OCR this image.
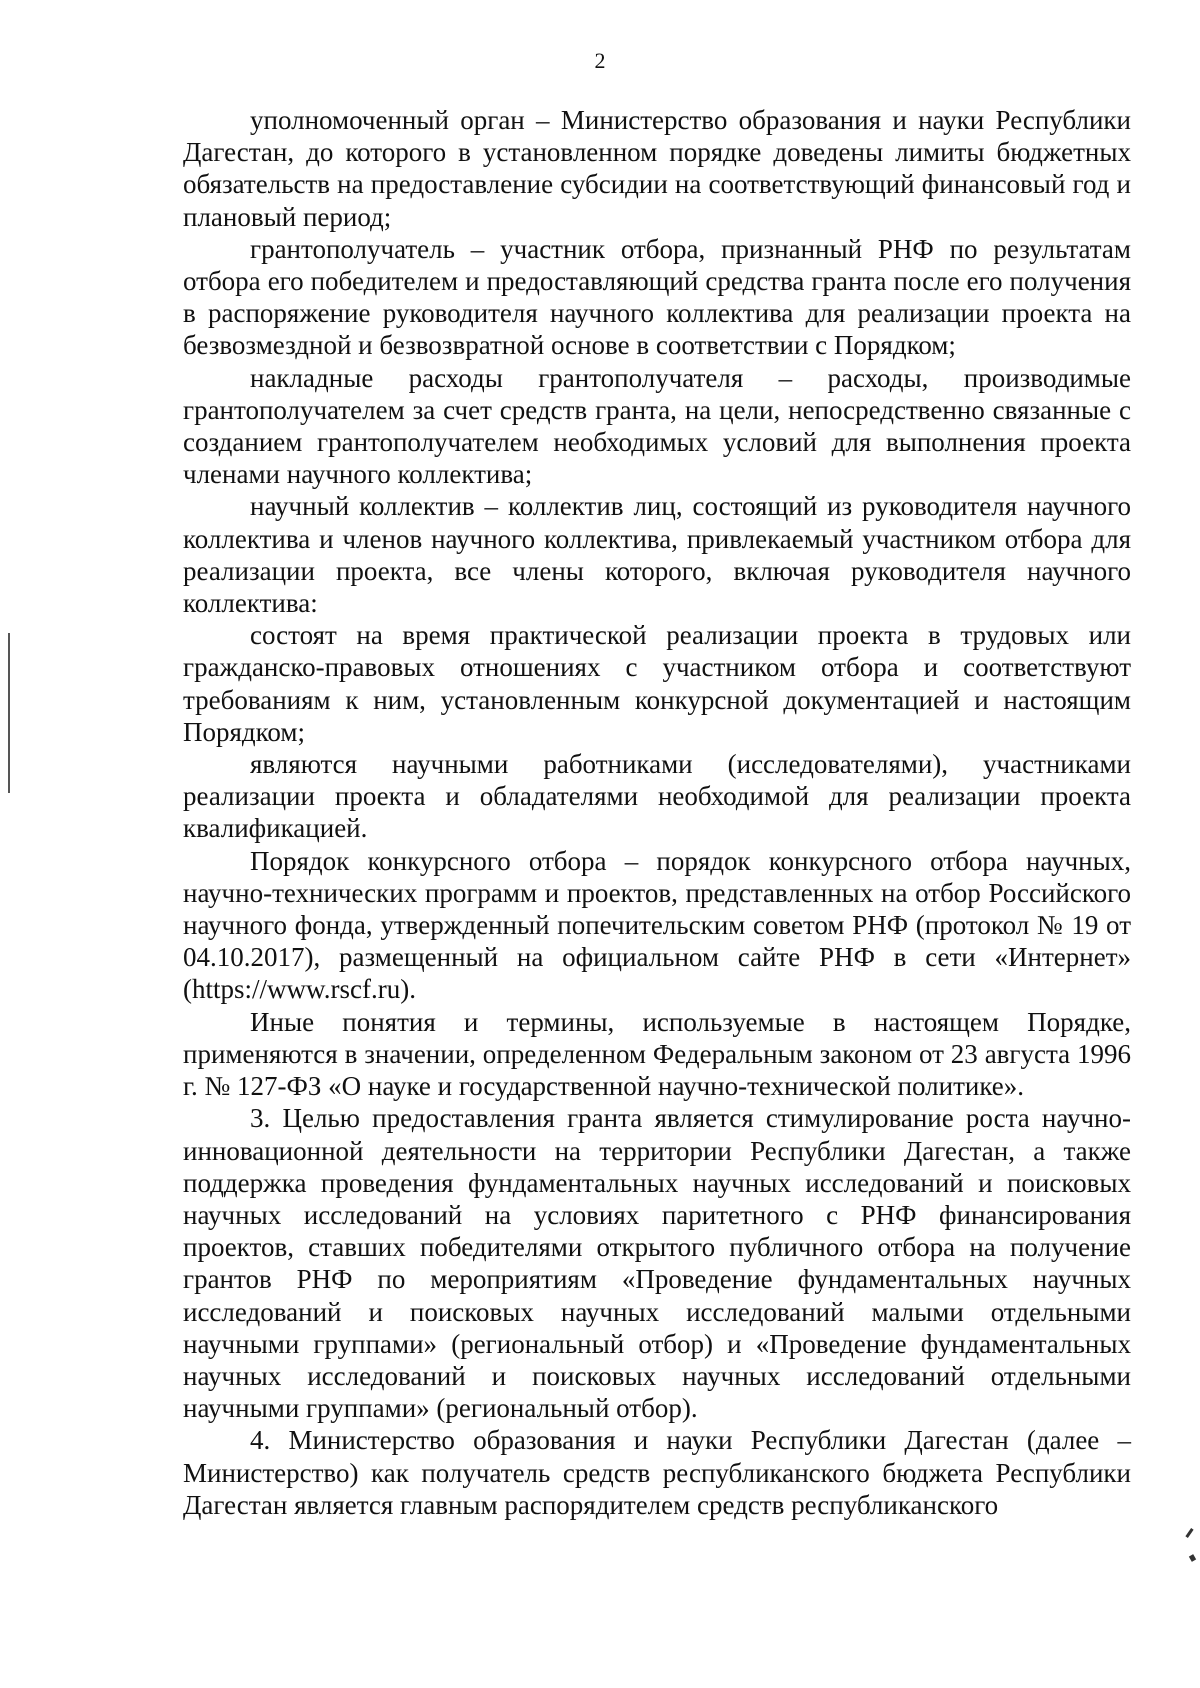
2

уполномоченный орган – Министерство образования и науки Республики Дагестан, до которого в установленном порядке доведены лимиты бюджетных обязательств на предоставление субсидии на соответствующий финансовый год и плановый период;

грантополучатель – участник отбора, признанный РНФ по результатам отбора его победителем и предоставляющий средства гранта после его получения в распоряжение руководителя научного коллектива для реализации проекта на безвозмездной и безвозвратной основе в соответствии с Порядком;

накладные расходы грантополучателя – расходы, производимые грантополучателем за счет средств гранта, на цели, непосредственно связанные с созданием грантополучателем необходимых условий для выполнения проекта членами научного коллектива;

научный коллектив – коллектив лиц, состоящий из руководителя научного коллектива и членов научного коллектива, привлекаемый участником отбора для реализации проекта, все члены которого, включая руководителя научного коллектива:

состоят на время практической реализации проекта в трудовых или гражданско-правовых отношениях с участником отбора и соответствуют требованиям к ним, установленным конкурсной документацией и настоящим Порядком;

являются научными работниками (исследователями), участниками реализации проекта и обладателями необходимой для реализации проекта квалификацией.

Порядок конкурсного отбора – порядок конкурсного отбора научных, научно-технических программ и проектов, представленных на отбор Российского научного фонда, утвержденный попечительским советом РНФ (протокол № 19 от 04.10.2017), размещенный на официальном сайте РНФ в сети «Интернет» (https://www.rscf.ru).

Иные понятия и термины, используемые в настоящем Порядке, применяются в значении, определенном Федеральным законом от 23 августа 1996 г. № 127-ФЗ «О науке и государственной научно-технической политике».

3. Целью предоставления гранта является стимулирование роста научно-инновационной деятельности на территории Республики Дагестан, а также поддержка проведения фундаментальных научных исследований и поисковых научных исследований на условиях паритетного с РНФ финансирования проектов, ставших победителями открытого публичного отбора на получение грантов РНФ по мероприятиям «Проведение фундаментальных научных исследований и поисковых научных исследований малыми отдельными научными группами» (региональный отбор) и «Проведение фундаментальных научных исследований и поисковых научных исследований отдельными научными группами» (региональный отбор).

4. Министерство образования и науки Республики Дагестан (далее – Министерство) как получатель средств республиканского бюджета Республики Дагестан является главным распорядителем средств республиканского
